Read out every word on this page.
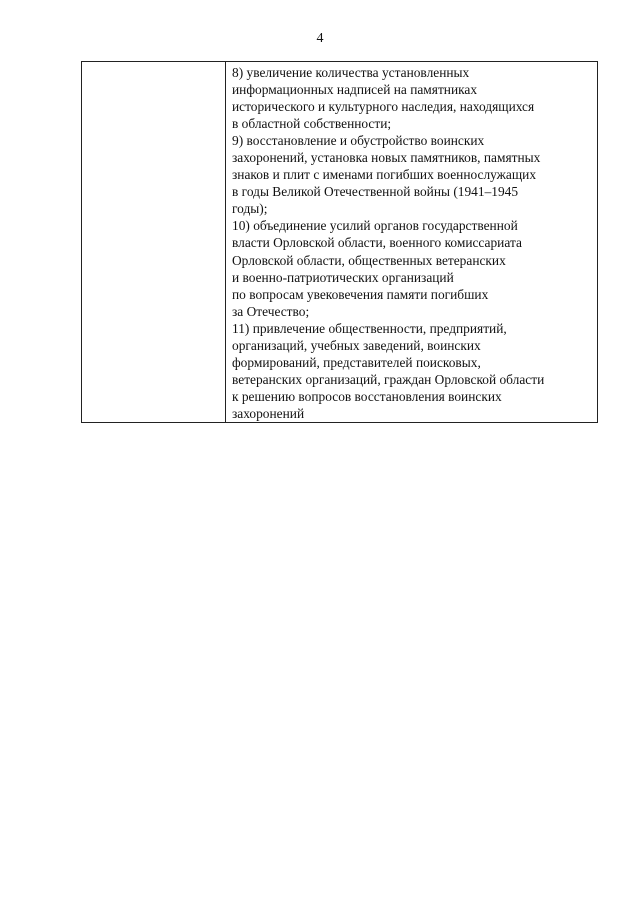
4

8) увеличение количества установленных
информационных надписей на памятниках
исторического и культурного наследия, находящихся
в областной собственности;
9) восстановление и обустройство воинских
захоронений, установка новых памятников, памятных
знаков и плит с именами погибших военнослужащих
в годы Великой Отечественной войны (1941–1945
годы);
10) объединение усилий органов государственной
власти Орловской области, военного комиссариата
Орловской области, общественных ветеранских
и военно-патриотических организаций
по вопросам увековечения памяти погибших
за Отечество;
11) привлечение общественности, предприятий,
организаций, учебных заведений, воинских
формирований, представителей поисковых,
ветеранских организаций, граждан Орловской области
к решению вопросов восстановления воинских
захоронений
